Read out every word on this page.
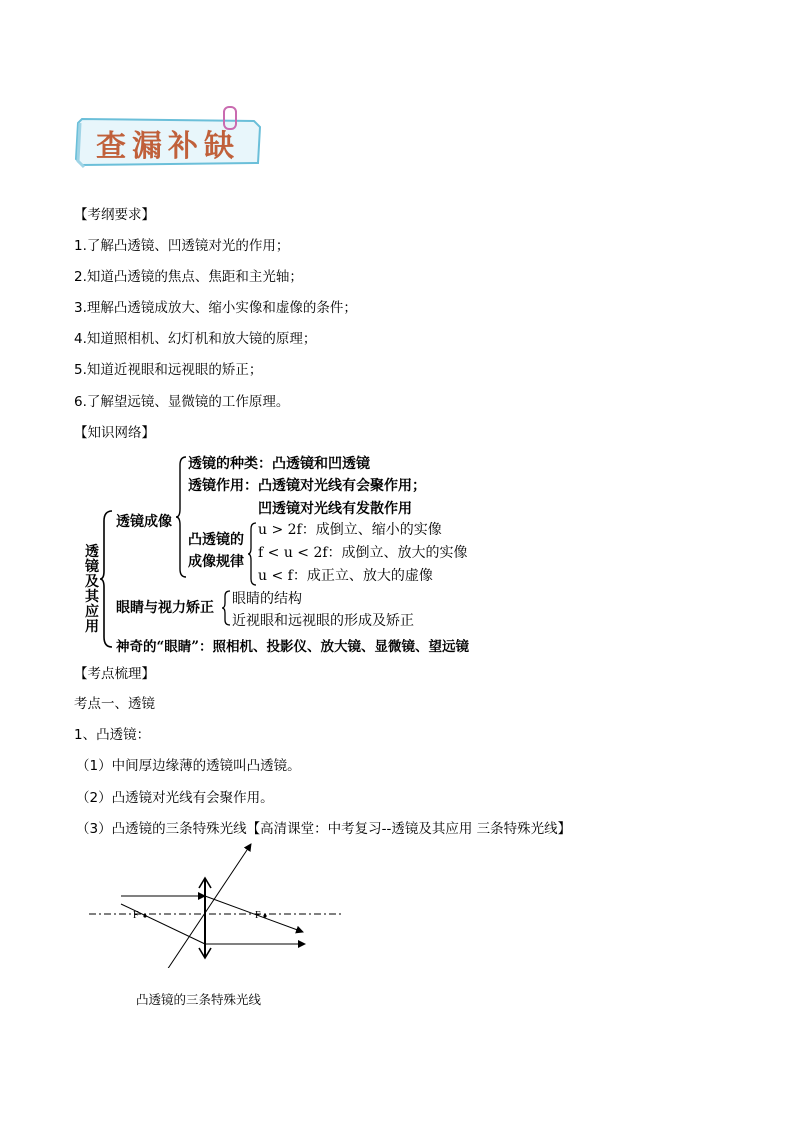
查漏补缺
【考纲要求】
1.了解凸透镜、凹透镜对光的作用；
2.知道凸透镜的焦点、焦距和主光轴；
3.理解凸透镜成放大、缩小实像和虚像的条件；
4.知道照相机、幻灯机和放大镜的原理；
5.知道近视眼和远视眼的矫正；
6.了解望远镜、显微镜的工作原理。
【知识网络】
透
镜
及
其
应
用
透镜成像
透镜的种类：凸透镜和凹透镜
透镜作用：凸透镜对光线有会聚作用；
凹透镜对光线有发散作用
凸透镜的
成像规律
u > 2f：成倒立、缩小的实像
f < u < 2f：成倒立、放大的实像
u < f：成正立、放大的虚像
眼睛与视力矫正
眼睛的结构
近视眼和远视眼的形成及矫正
神奇的“眼睛”：照相机、投影仪、放大镜、显微镜、望远镜
【考点梳理】
考点一、透镜
1、凸透镜：
（1）中间厚边缘薄的透镜叫凸透镜。
（2）凸透镜对光线有会聚作用。
（3）凸透镜的三条特殊光线【高清课堂：中考复习--透镜及其应用 三条特殊光线】
F	F
凸透镜的三条特殊光线
